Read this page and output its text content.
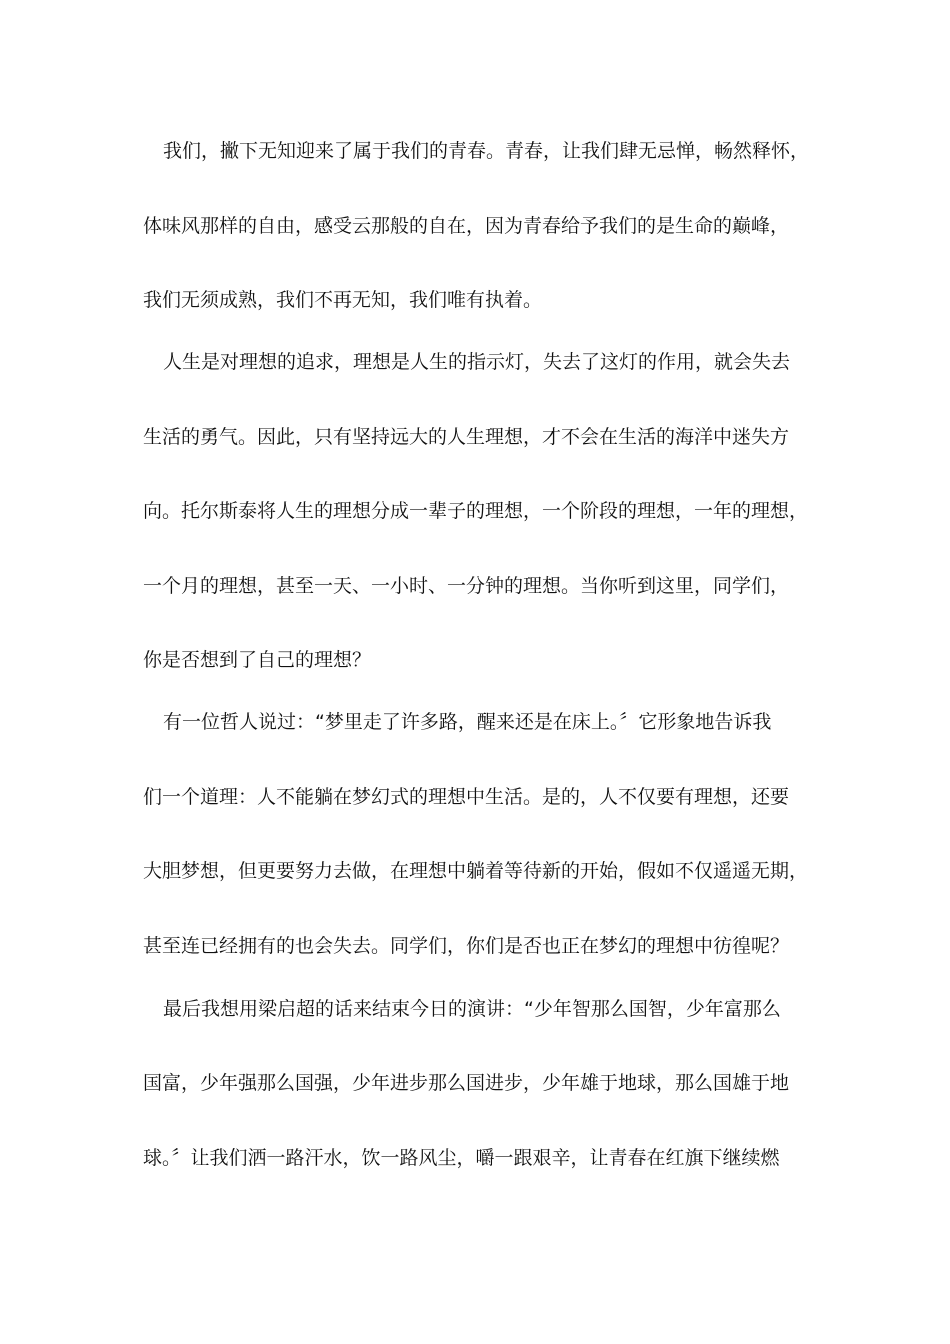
我们，撇下无知迎来了属于我们的青春。青春，让我们肆无忌惮，畅然释怀，
体味风那样的自由，感受云那般的自在，因为青春给予我们的是生命的巅峰，
我们无须成熟，我们不再无知，我们唯有执着。
人生是对理想的追求，理想是人生的指示灯，失去了这灯的作用，就会失去
生活的勇气。因此，只有坚持远大的人生理想，才不会在生活的海洋中迷失方
向。托尔斯泰将人生的理想分成一辈子的理想，一个阶段的理想，一年的理想，
一个月的理想，甚至一天、一小时、一分钟的理想。当你听到这里，同学们，
你是否想到了自己的理想？
有一位哲人说过：“梦里走了许多路，醒来还是在床上。〞它形象地告诉我
们一个道理：人不能躺在梦幻式的理想中生活。是的，人不仅要有理想，还要
大胆梦想，但更要努力去做，在理想中躺着等待新的开始，假如不仅遥遥无期，
甚至连已经拥有的也会失去。同学们，你们是否也正在梦幻的理想中彷徨呢？
最后我想用梁启超的话来结束今日的演讲：“少年智那么国智，少年富那么
国富，少年强那么国强，少年进步那么国进步，少年雄于地球，那么国雄于地
球。〞让我们洒一路汗水，饮一路风尘，嚼一跟艰辛，让青春在红旗下继续燃
